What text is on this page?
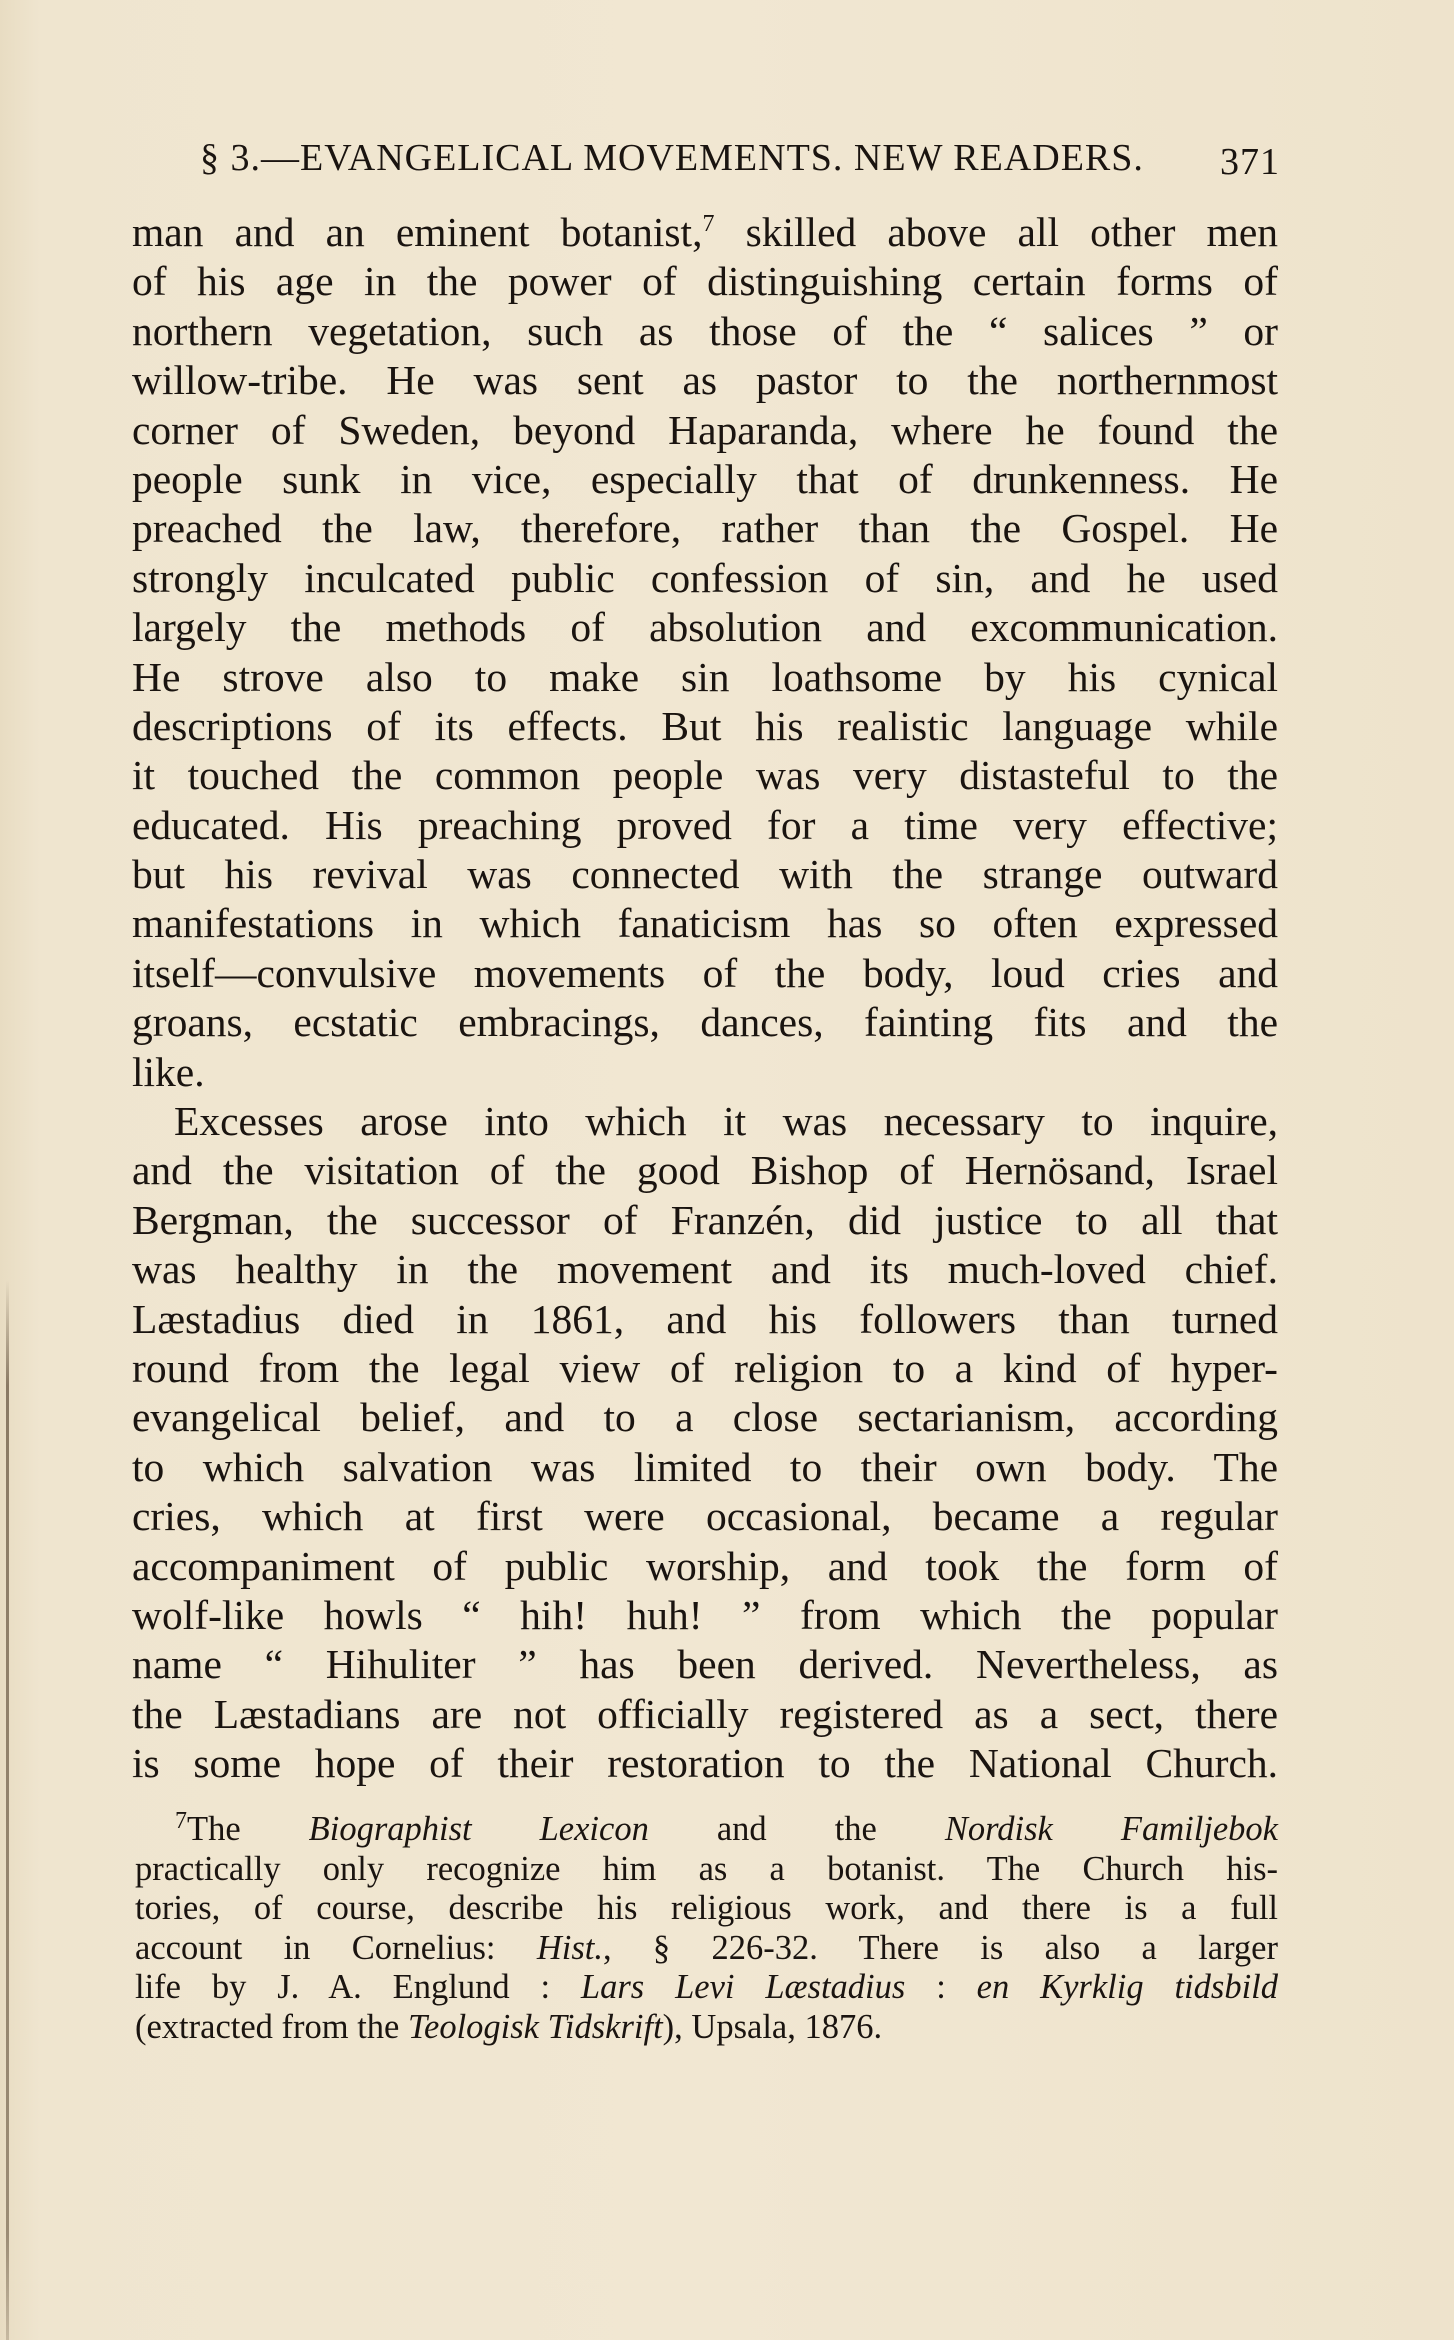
§ 3.—EVANGELICAL MOVEMENTS. NEW READERS. 371
man and an eminent botanist,$^7$ skilled above all other men
of his age in the power of distinguishing certain forms of
northern vegetation, such as those of the “ salices ” or
willow-tribe. He was sent as pastor to the northernmost
corner of Sweden, beyond Haparanda, where he found the
people sunk in vice, especially that of drunkenness. He
preached the law, therefore, rather than the Gospel. He
strongly inculcated public confession of sin, and he used
largely the methods of absolution and excommunication.
He strove also to make sin loathsome by his cynical
descriptions of its effects. But his realistic language while
it touched the common people was very distasteful to the
educated. His preaching proved for a time very effective;
but his revival was connected with the strange outward
manifestations in which fanaticism has so often expressed
itself—convulsive movements of the body, loud cries and
groans, ecstatic embracings, dances, fainting fits and the
like.
Excesses arose into which it was necessary to inquire,
and the visitation of the good Bishop of Hernösand, Israel
Bergman, the successor of Franzén, did justice to all that
was healthy in the movement and its much-loved chief.
Læstadius died in 1861, and his followers than turned
round from the legal view of religion to a kind of hyper-
evangelical belief, and to a close sectarianism, according
to which salvation was limited to their own body. The
cries, which at first were occasional, became a regular
accompaniment of public worship, and took the form of
wolf-like howls “ hih! huh! ” from which the popular
name “ Hihuliter ” has been derived. Nevertheless, as
the Læstadians are not officially registered as a sect, there
is some hope of their restoration to the National Church.
$^7$The Biographist Lexicon and the Nordisk Familjebok
practically only recognize him as a botanist. The Church his-
tories, of course, describe his religious work, and there is a full
account in Cornelius: Hist., § 226-32. There is also a larger
life by J. A. Englund : Lars Levi Læstadius : en Kyrklig tidsbild
(extracted from the Teologisk Tidskrift), Upsala, 1876.
